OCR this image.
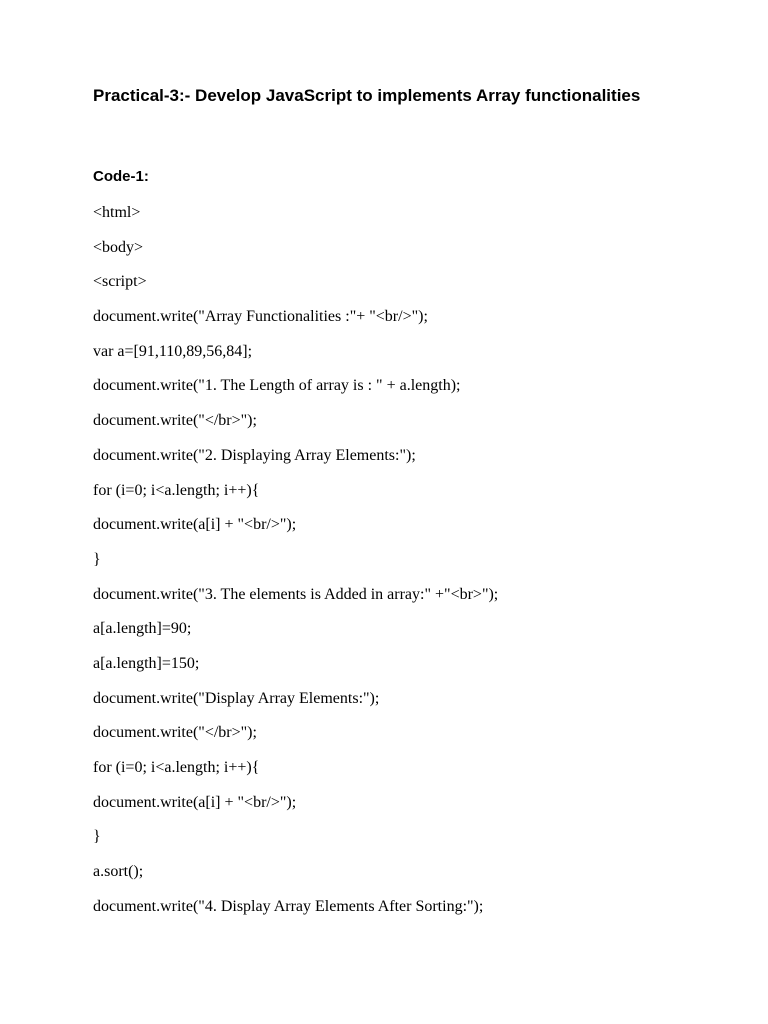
Practical-3:- Develop JavaScript to implements Array functionalities
Code-1:
<html>
<body>
<script>
document.write("Array Functionalities :"+ "<br/>");
var a=[91,110,89,56,84];
document.write("1. The Length of array is : " + a.length);
document.write("</br>");
document.write("2. Displaying Array Elements:");
for (i=0; i<a.length; i++){
document.write(a[i] + "<br/>");
}
document.write("3. The elements is Added in array:" +"<br>");
a[a.length]=90;
a[a.length]=150;
document.write("Display Array Elements:");
document.write("</br>");
for (i=0; i<a.length; i++){
document.write(a[i] + "<br/>");
}
a.sort();
document.write("4. Display Array Elements After Sorting:");
